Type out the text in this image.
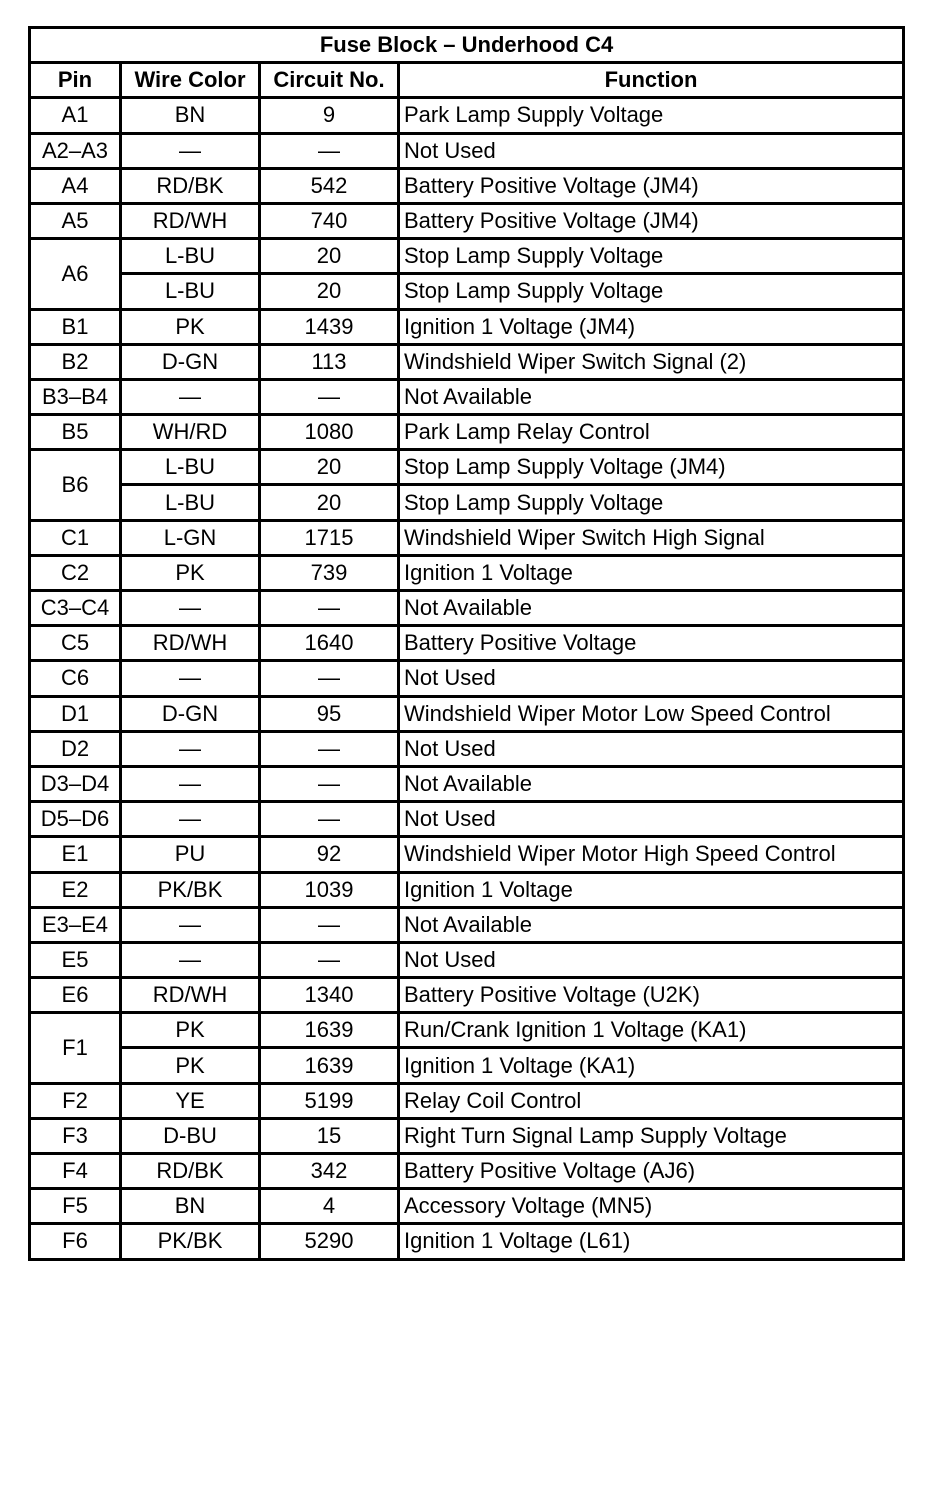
Fuse Block – Underhood C4			
Pin	Wire Color	Circuit No.	Function
A1	BN	9	Park Lamp Supply Voltage
A2–A3	—	—	Not Used
A4	RD/BK	542	Battery Positive Voltage (JM4)
A5	RD/WH	740	Battery Positive Voltage (JM4)
A6	L-BU	20	Stop Lamp Supply Voltage
	L-BU	20	Stop Lamp Supply Voltage
B1	PK	1439	Ignition 1 Voltage (JM4)
B2	D-GN	113	Windshield Wiper Switch Signal (2)
B3–B4	—	—	Not Available
B5	WH/RD	1080	Park Lamp Relay Control
B6	L-BU	20	Stop Lamp Supply Voltage (JM4)
	L-BU	20	Stop Lamp Supply Voltage
C1	L-GN	1715	Windshield Wiper Switch High Signal
C2	PK	739	Ignition 1 Voltage
C3–C4	—	—	Not Available
C5	RD/WH	1640	Battery Positive Voltage
C6	—	—	Not Used
D1	D-GN	95	Windshield Wiper Motor Low Speed Control
D2	—	—	Not Used
D3–D4	—	—	Not Available
D5–D6	—	—	Not Used
E1	PU	92	Windshield Wiper Motor High Speed Control
E2	PK/BK	1039	Ignition 1 Voltage
E3–E4	—	—	Not Available
E5	—	—	Not Used
E6	RD/WH	1340	Battery Positive Voltage (U2K)
F1	PK	1639	Run/Crank Ignition 1 Voltage (KA1)
	PK	1639	Ignition 1 Voltage (KA1)
F2	YE	5199	Relay Coil Control
F3	D-BU	15	Right Turn Signal Lamp Supply Voltage
F4	RD/BK	342	Battery Positive Voltage (AJ6)
F5	BN	4	Accessory Voltage (MN5)
F6	PK/BK	5290	Ignition 1 Voltage (L61)
